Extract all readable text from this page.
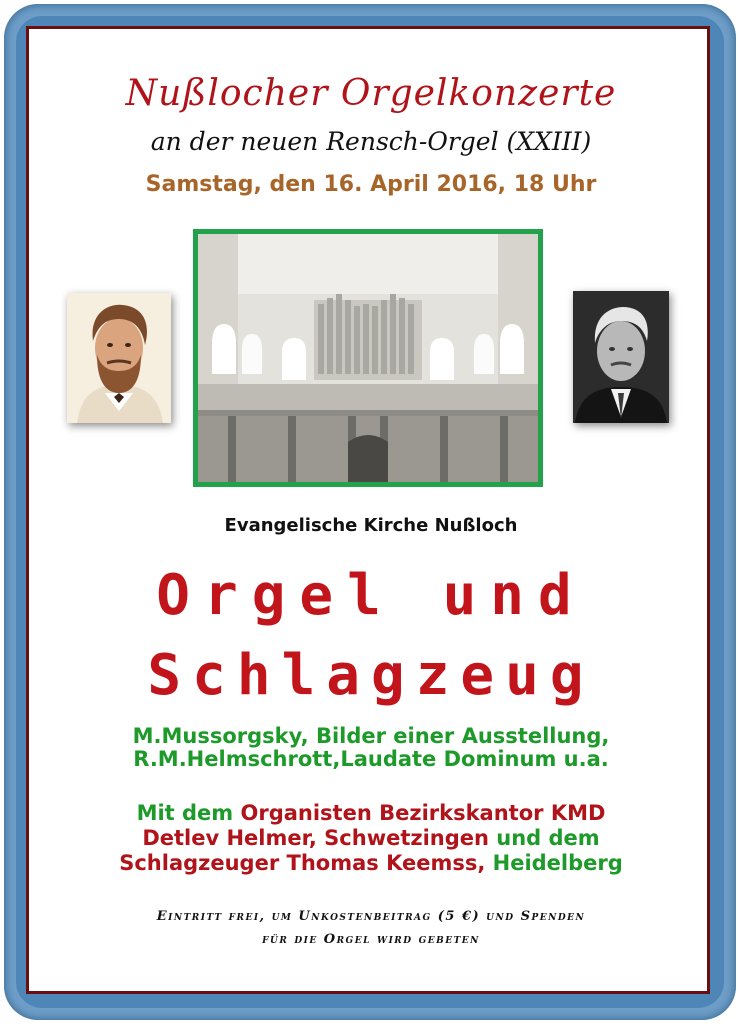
Nußlocher Orgelkonzerte
an der neuen Rensch-Orgel (XXIII)
Samstag, den 16. April 2016, 18 Uhr
Evangelische Kirche Nußloch
Orgel und
Schlagzeug
M.Mussorgsky, Bilder einer Ausstellung,
R.M.Helmschrott,Laudate Dominum u.a.
Mit dem Organisten Bezirkskantor KMD
Detlev Helmer, Schwetzingen und dem
Schlagzeuger Thomas Keemss, Heidelberg
Eintritt frei, um Unkostenbeitrag (5 €) und Spenden
für die Orgel wird gebeten
